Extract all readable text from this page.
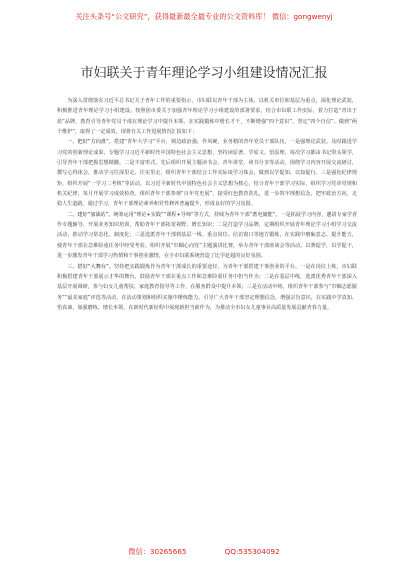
关注头条号“公文研究”，获得最新最全最专业的公文资料库！ 微信：gongwenyj
市妇联关于青年理论学习小组建设情况汇报

为深入贯彻落实习近平总书记关于青年工作的重要指示，市妇联以青年干部为主体，以机关单位和基层为重点，深化理论武装，积极推进青年理论学习小组建设。按照团市委关于加强青年理论学习小组建设的部署要求，结合市妇联工作实际，着力打造“青出于蓝”品牌，教育引导青年党员干部在理论学习中提升本领、在实践锻炼中增长才干，不断增强“四个意识”、坚定“四个自信”、做到“两个维护”，取得了一定成效。现将有关工作进展情况汇报如下：

一、把好“方向盘”。搭建“青年大学习”平台，锁边政治强，作风硬，业务精的青年党员干部队伍，一是强理论武装。及时跟进学习党的创新理论成果，专题学习习近平新时代中国特色社会主义思想，坚持读原著、学原文、悟原理，每次学习都由书记带头领学，引导青年干部把握思想精髓。二是丰富形式。先后组织开展主题读书会、青年讲堂、读书分享等活动，围绕学习内容开展交流研讨，撰写心得体会，推动学习往深里走、往实里走，组织青年干部结合工作实际谈学习体会，做到以学促知、以知促行。三是强化纪律规矩，组织开展“一学习二考核”等活动，以习近平新时代中国特色社会主义思想为核心，结合青年干部学习实际，组织学习党章党规和机关纪律，每月开展学习成效检查。组织青年干部参观“百年党史展”，接受红色教育洗礼，进一步筑牢理想信念，把牢政治方向，走稳人生道路。通过学习，青年干部理论素养和党性修养普遍提升，形成良好的学习氛围。

二、建好“加油站”。统筹运用“理论+实践”“课程+导师”等方式，持续为青年干部“蓄电储能”。一是拓展学习内容，邀请专家学者作专题辅导，开展业务知识培训，帮助青年干部拓宽视野、增长知识；二是打造学习品牌，定期组织开展青年理论学习小组学习交流活动，推动学习常态化、制度化；三是选派青年干部到基层一线、重点岗位、信访窗口等地方锻炼，在实践中磨砺意志、提升能力，使青年干部在急难险重任务中经受考验。组织开展“巾帼心向党”主题演讲比赛，举办青年干部座谈会等活动。以赛促学，以学促干，进一步激发青年干部学习热情和干事创业激情，在全市妇联系统营造了比学赶超的良好氛围。

三、搭好“大舞台”。坚持把实践锻炼作为青年干部成长的重要途径，为青年干部搭建干事创业的平台。一是在岗位上练，市妇联积极搭建青年干部展示才华的舞台，鼓励青年干部在重点工作和急难险重任务中担当作为；二是在基层中练，选派优秀青年干部深入基层开展调研，参与妇女儿童帮扶、家庭教育指导等工作，在服务群众中提升本领；三是在活动中练，组织青年干部参与“巾帼志愿服务”“最美家庭”评选等活动，在活动策划和组织实施中锤炼能力。引导广大青年干部坚定理想信念，增强宗旨意识，在实践中学真知、悟真谛，加强磨练、增长本领，在新时代新征程中展现新担当新作为，为推动全市妇女儿童事业高质量发展贡献青春力量。

微信：30265665	QQ:535304092
